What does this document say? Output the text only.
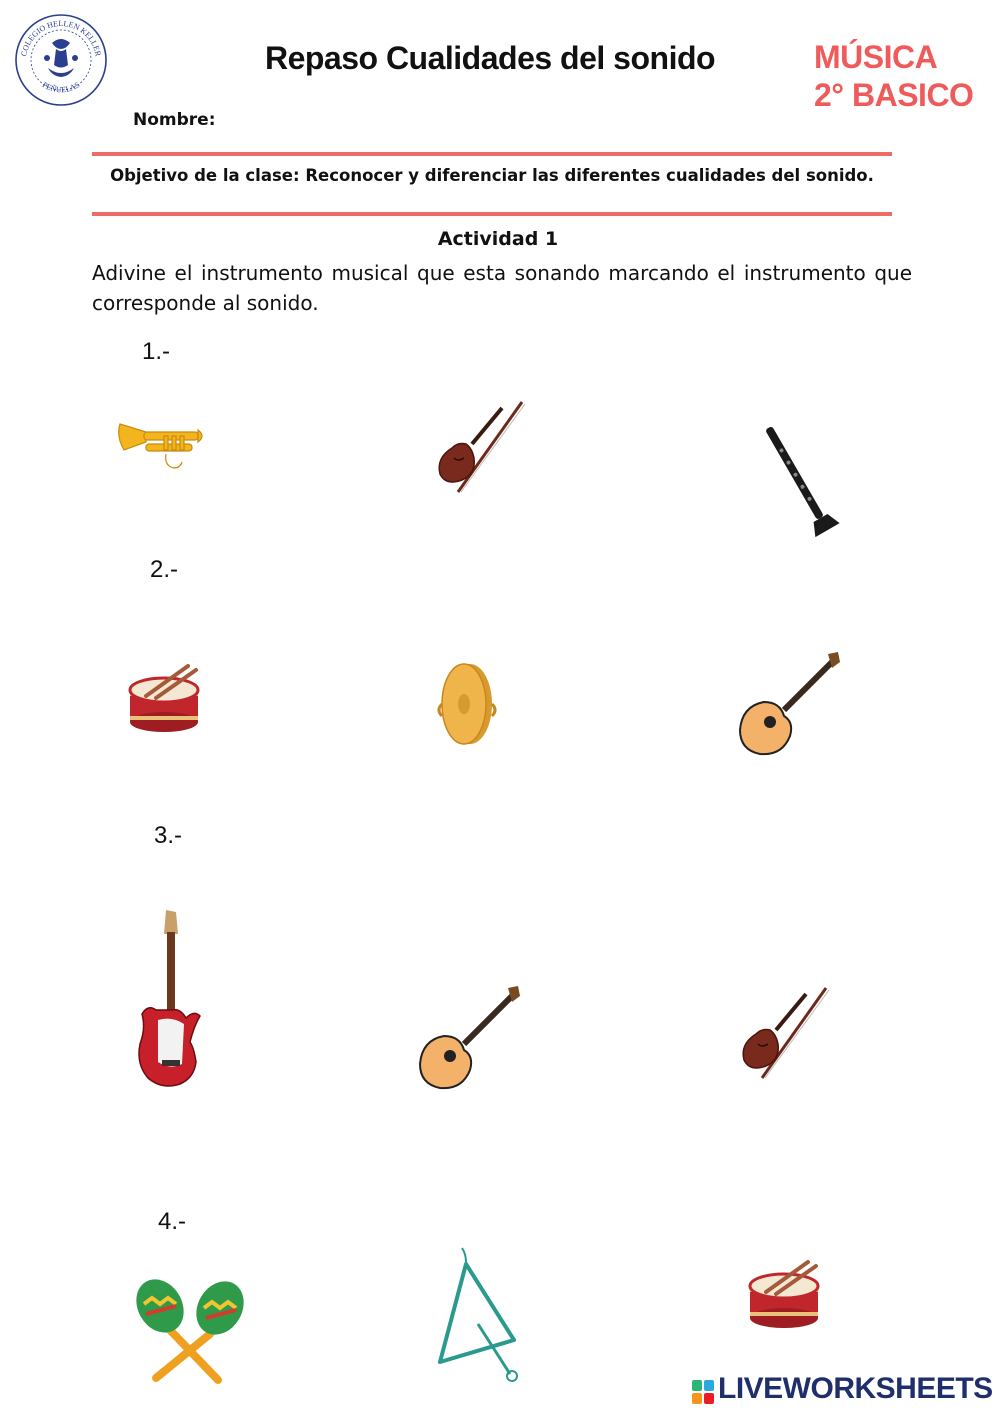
COLEGIO HELLEN KELLER
PEÑUELAS
Repaso Cualidades del sonido	MÚSICA
2° BASICO
Nombre:
Objetivo de la clase: Reconocer y diferenciar las diferentes cualidades del sonido.
Actividad 1
Adivine el instrumento musical que esta sonando marcando el instrumento que corresponde al sonido.
1.-
2.-
3.-
4.-
LIVEWORKSHEETS
